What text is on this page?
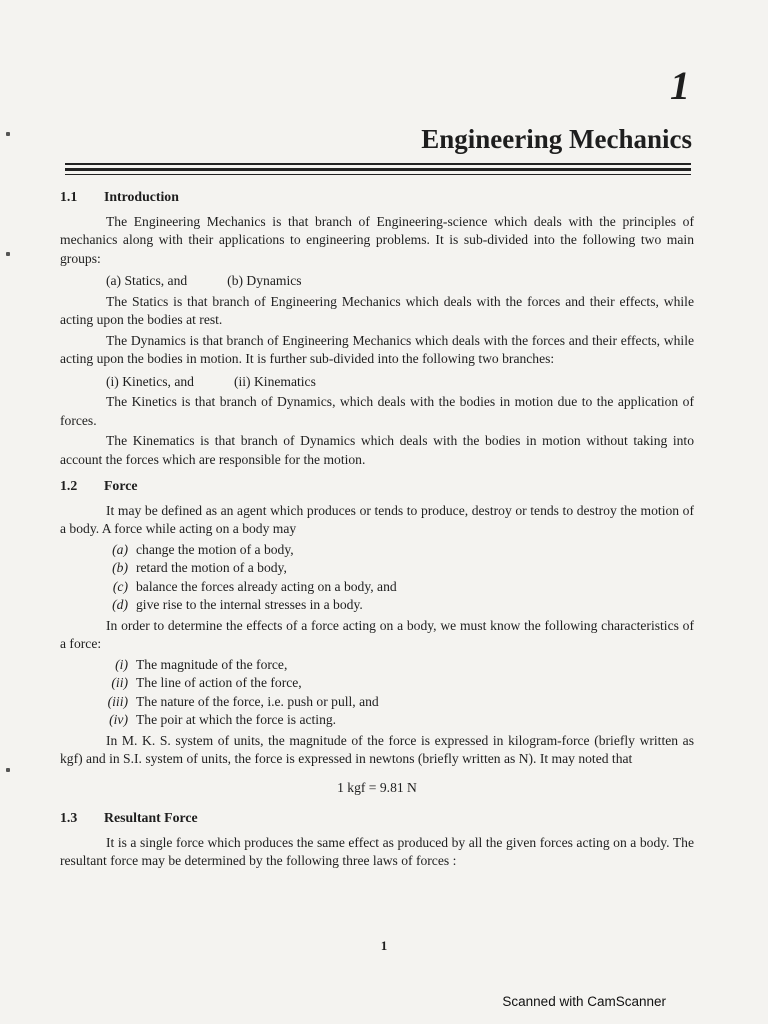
1
Engineering Mechanics
1.1 Introduction

The Engineering Mechanics is that branch of Engineering-science which deals with the principles of mechanics along with their applications to engineering problems. It is sub-divided into the following two main groups:

(a) Statics, and	(b) Dynamics

The Statics is that branch of Engineering Mechanics which deals with the forces and their effects, while acting upon the bodies at rest.

The Dynamics is that branch of Engineering Mechanics which deals with the forces and their effects, while acting upon the bodies in motion. It is further sub-divided into the following two branches:

(i) Kinetics, and	(ii) Kinematics

The Kinetics is that branch of Dynamics, which deals with the bodies in motion due to the application of forces.

The Kinematics is that branch of Dynamics which deals with the bodies in motion without taking into account the forces which are responsible for the motion.

1.2 Force

It may be defined as an agent which produces or tends to produce, destroy or tends to destroy the motion of a body. A force while acting on a body may

(a) change the motion of a body,
(b) retard the motion of a body,
(c) balance the forces already acting on a body, and
(d) give rise to the internal stresses in a body.

In order to determine the effects of a force acting on a body, we must know the following characteristics of a force:

(i) The magnitude of the force,
(ii) The line of action of the force,
(iii) The nature of the force, i.e. push or pull, and
(iv) The poir at which the force is acting.

In M. K. S. system of units, the magnitude of the force is expressed in kilogram-force (briefly written as kgf) and in S.I. system of units, the force is expressed in newtons (briefly written as N). It may noted that

1 kgf = 9.81 N
1.3 Resultant Force

It is a single force which produces the same effect as produced by all the given forces acting on a body. The resultant force may be determined by the following three laws of forces :

1
Scanned with CamScanner
